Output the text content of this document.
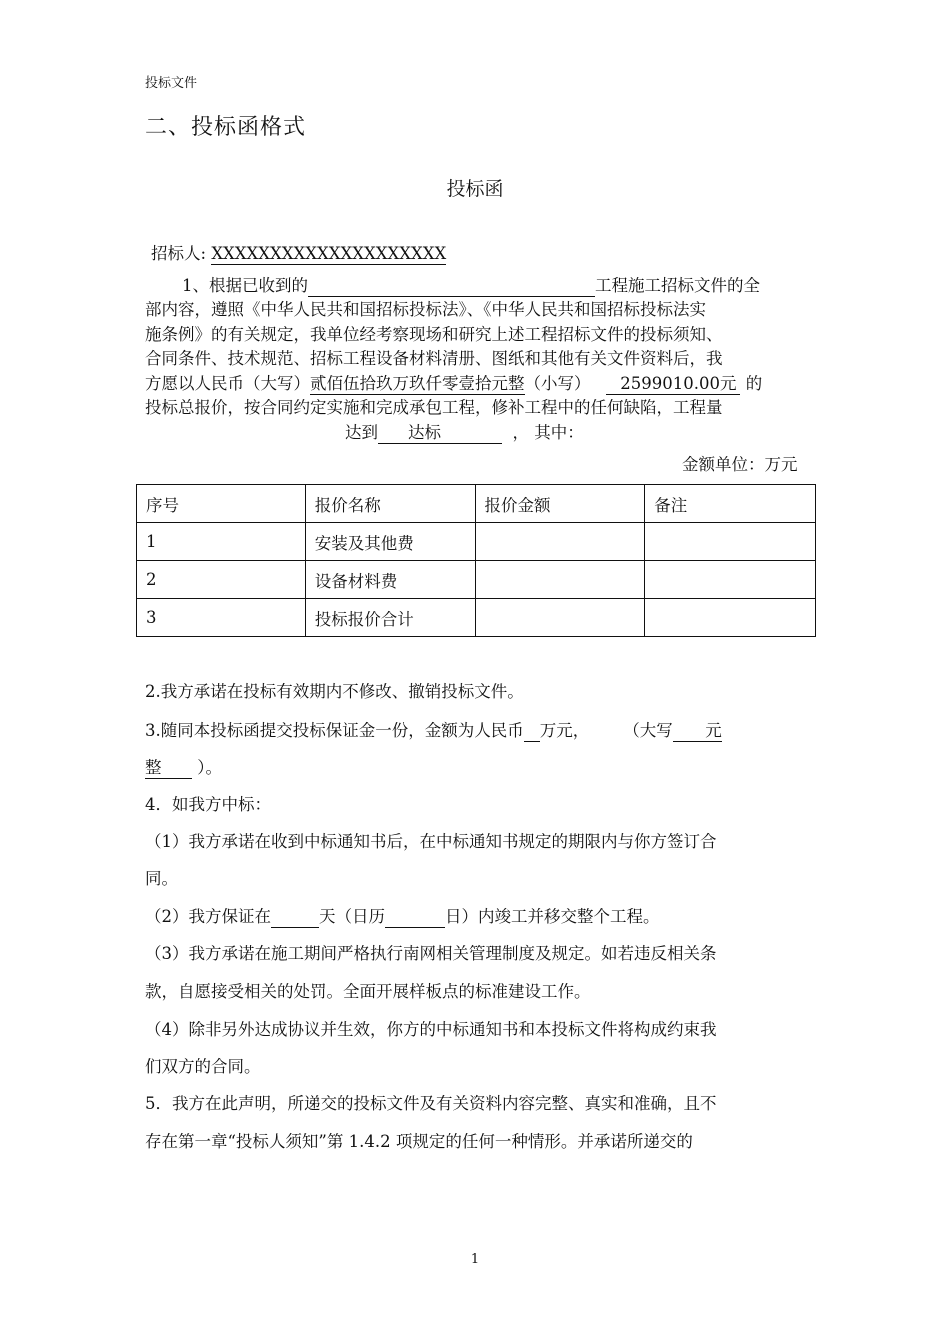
投标文件
二、投标函格式
投标函
招标人: XXXXXXXXXXXXXXXXXXXX
1、根据已收到的	工程施工招标文件的全
部内容，遵照《中华人民共和国招标投标法》、《中华人民共和国招标投标法实
施条例》的有关规定，我单位经考察现场和研究上述工程招标文件的投标须知、
合同条件、技术规范、招标工程设备材料清册、图纸和其他有关文件资料后，我
方愿以人民币（大写）贰佰伍拾玖万玖仟零壹拾元整（小写） 2599010.00元 的
投标总报价，按合同约定实施和完成承包工程，修补工程中的任何缺陷，工程量
达到 达标	， 其中：
金额单位：万元
序号	报价名称	报价金额	备注
1	安装及其他费		
2	设备材料费		
3	投标报价合计		
2.我方承诺在投标有效期内不修改、撤销投标文件。
3.随同本投标函提交投标保证金一份，金额为人民币 万元， （大写 元
整 ）。
4．如我方中标：
（1）我方承诺在收到中标通知书后，在中标通知书规定的期限内与你方签订合
同。
（2）我方保证在	天（日历	日）内竣工并移交整个工程。
（3）我方承诺在施工期间严格执行南网相关管理制度及规定。如若违反相关条
款，自愿接受相关的处罚。全面开展样板点的标准建设工作。
（4）除非另外达成协议并生效，你方的中标通知书和本投标文件将构成约束我
们双方的合同。
5．我方在此声明，所递交的投标文件及有关资料内容完整、真实和准确，且不
存在第一章“投标人须知”第 1.4.2 项规定的任何一种情形。并承诺所递交的
1
